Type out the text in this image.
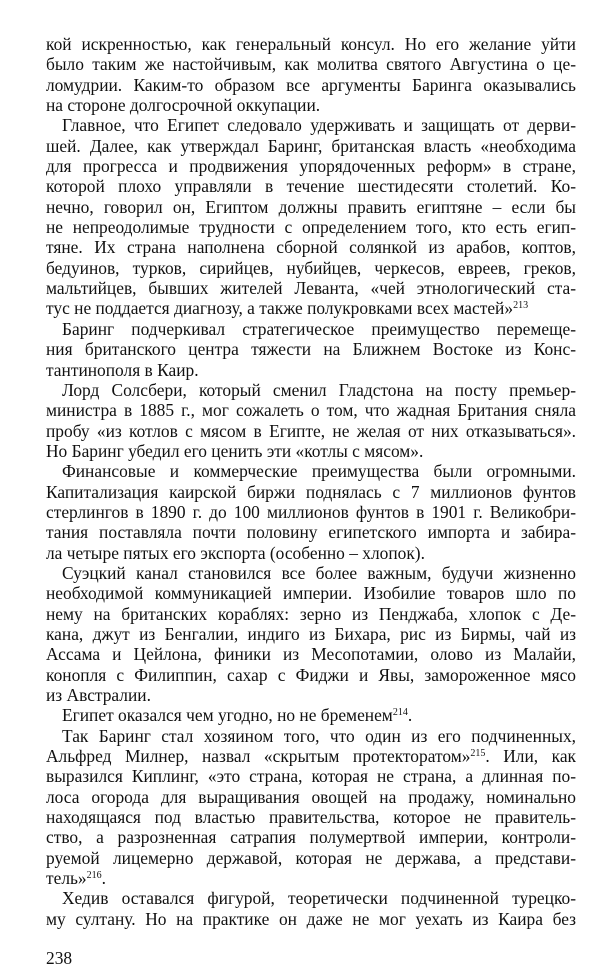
кой искренностью, как генеральный консул. Но его желание уйти
было таким же настойчивым, как молитва святого Августина о це-
ломудрии. Каким-то образом все аргументы Баринга оказывались
на стороне долгосрочной оккупации.
Главное, что Египет следовало удерживать и защищать от дерви-
шей. Далее, как утверждал Баринг, британская власть «необходима
для прогресса и продвижения упорядоченных реформ» в стране,
которой плохо управляли в течение шестидесяти столетий. Ко-
нечно, говорил он, Египтом должны править египтяне – если бы
не непреодолимые трудности с определением того, кто есть егип-
тяне. Их страна наполнена сборной солянкой из арабов, коптов,
бедуинов, турков, сирийцев, нубийцев, черкесов, евреев, греков,
мальтийцев, бывших жителей Леванта, «чей этнологический ста-
тус не поддается диагнозу, а также полукровками всех мастей»$^{213}$
Баринг подчеркивал стратегическое преимущество перемеще-
ния британского центра тяжести на Ближнем Востоке из Конс-
тантинополя в Каир.
Лорд Солсбери, который сменил Гладстона на посту премьер-
министра в 1885 г., мог сожалеть о том, что жадная Британия сняла
пробу «из котлов с мясом в Египте, не желая от них отказываться».
Но Баринг убедил его ценить эти «котлы с мясом».
Финансовые и коммерческие преимущества были огромными.
Капитализация каирской биржи поднялась с 7 миллионов фунтов
стерлингов в 1890 г. до 100 миллионов фунтов в 1901 г. Великобри-
тания поставляла почти половину египетского импорта и забира-
ла четыре пятых его экспорта (особенно – хлопок).
Суэцкий канал становился все более важным, будучи жизненно
необходимой коммуникацией империи. Изобилие товаров шло по
нему на британских кораблях: зерно из Пенджаба, хлопок с Де-
кана, джут из Бенгалии, индиго из Бихара, рис из Бирмы, чай из
Ассама и Цейлона, финики из Месопотамии, олово из Малайи,
конопля с Филиппин, сахар с Фиджи и Явы, замороженное мясо
из Австралии.
Египет оказался чем угодно, но не бременем$^{214}$.
Так Баринг стал хозяином того, что один из его подчиненных,
Альфред Милнер, назвал «скрытым протекторатом»$^{215}$. Или, как
выразился Киплинг, «это страна, которая не страна, а длинная по-
лоса огорода для выращивания овощей на продажу, номинально
находящаяся под властью правительства, которое не правитель-
ство, а разрозненная сатрапия полумертвой империи, контроли-
руемой лицемерно державой, которая не держава, а представи-
тель»$^{216}$.
Хедив оставался фигурой, теоретически подчиненной турецко-
му султану. Но на практике он даже не мог уехать из Каира без
238
